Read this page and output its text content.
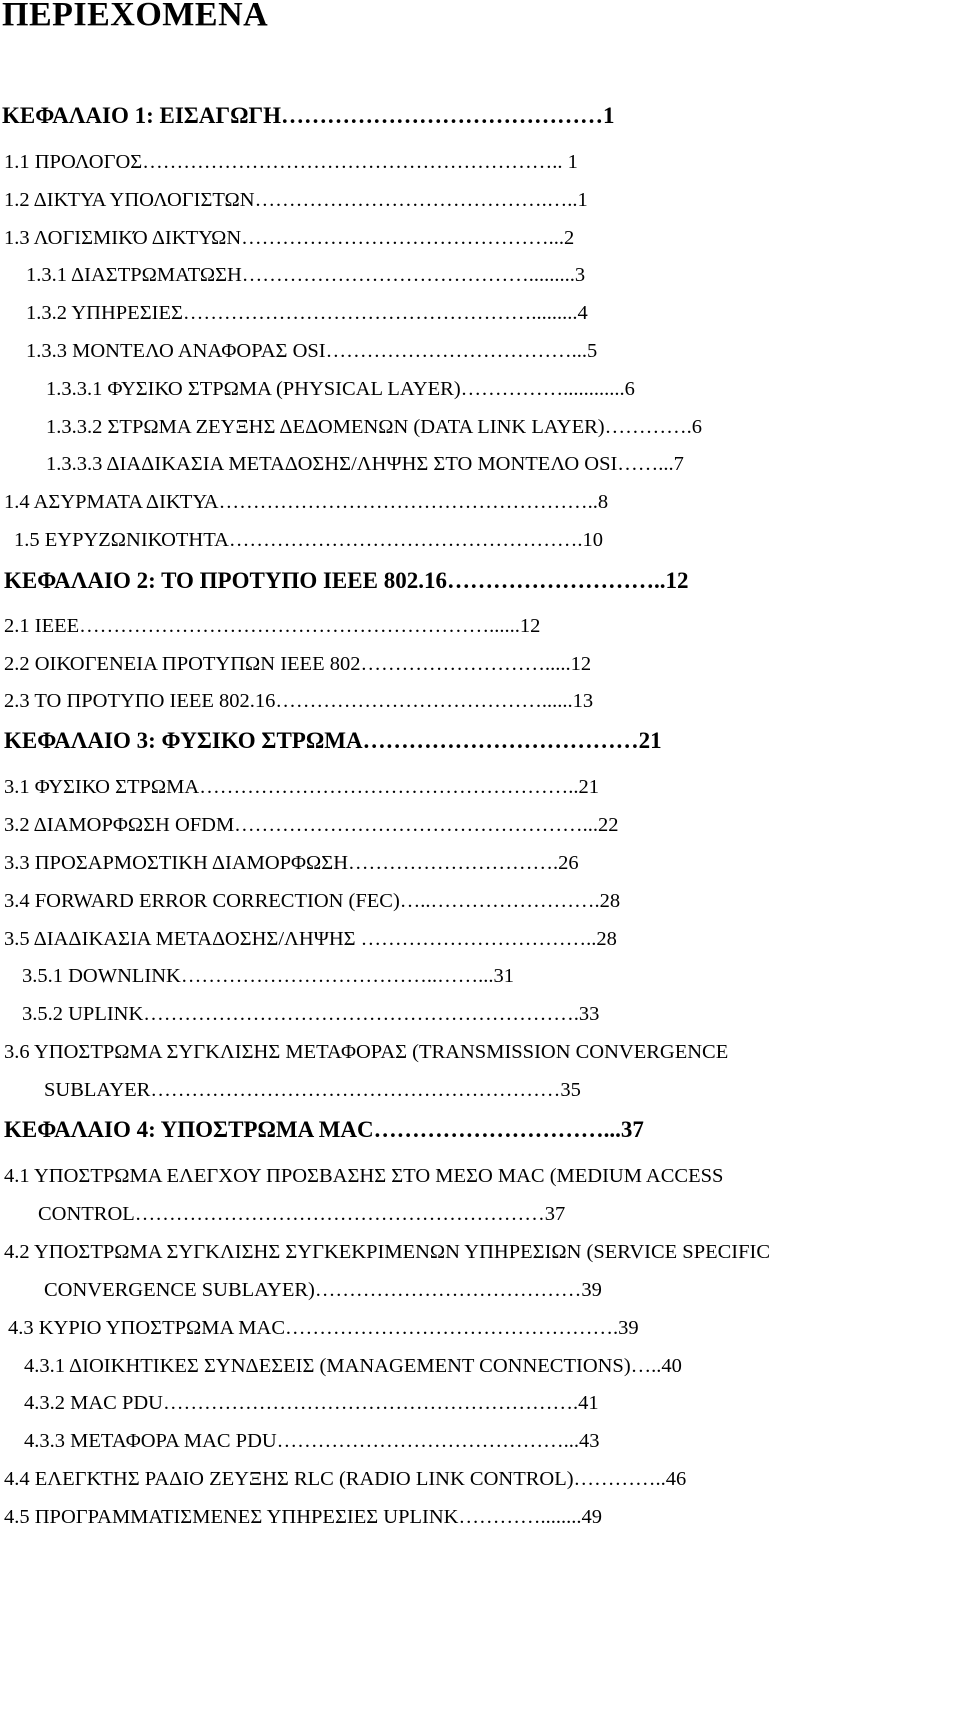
ΠΕΡΙΕΧΟΜΕΝΑ
ΚΕΦΑΛΑΙΟ 1: ΕΙΣΑΓΩΓΗ……………………………………1
1.1 ΠΡΟΛΟΓΟΣ…………………………………………………….. 1
1.2 ΔΙΚΤΥΑ ΥΠΟΛΟΓΙΣΤΩΝ…………………………………….…..1
1.3 ΛΟΓΙΣΜΙΚΌ ΔΙΚΤΥΩΝ………………………………………...2
1.3.1 ΔΙΑΣΤΡΩΜΑΤΩΣΗ…………………………………….........3
1.3.2 ΥΠΗΡΕΣΙΕΣ…………………………………………….........4
1.3.3 ΜΟΝΤΕΛΟ ΑΝΑΦΟΡΑΣ OSI………………………………...5
1.3.3.1 ΦΥΣΙΚΟ ΣΤΡΩΜΑ (PHYSICAL LAYER)……………............6
1.3.3.2 ΣΤΡΩΜΑ ΖΕΥΞΗΣ ΔΕΔΟΜΕΝΩΝ (DATA LINK LAYER)………….6
1.3.3.3 ΔΙΑΔΙΚΑΣΙΑ ΜΕΤΑΔΟΣΗΣ/ΛΗΨΗΣ ΣΤΟ ΜΟΝΤΕΛΟ OSI……...7
1.4 ΑΣΥΡΜΑΤΑ ΔΙΚΤΥΑ………………………………………………..8
1.5 ΕΥΡΥΖΩΝΙΚΟΤΗΤΑ…………………………………………….10
ΚΕΦΑΛΑΙΟ 2: ΤΟ ΠΡΟΤΥΠΟ IEEE 802.16………………………..12
2.1 IEEE……………………………………………………......12
2.2 ΟΙΚΟΓΕΝΕΙΑ ΠΡΟΤΥΠΩΝ IEEE 802……………………….....12
2.3 ΤΟ ΠΡΟΤΥΠΟ IEEE 802.16…………………………………......13
ΚΕΦΑΛΑΙΟ 3: ΦΥΣΙΚΟ ΣΤΡΩΜΑ………………………………21
3.1 ΦΥΣΙΚΟ ΣΤΡΩΜΑ………………………………………………..21
3.2 ΔΙΑΜΟΡΦΩΣΗ OFDM……………………………………………...22
3.3 ΠΡΟΣΑΡΜΟΣΤΙΚΗ ΔΙΑΜΟΡΦΩΣΗ………………………….26
3.4 FORWARD ERROR CORRECTION (FEC)…..…………………….28
3.5 ΔΙΑΔΙΚΑΣΙΑ ΜΕΤΑΔΟΣΗΣ/ΛΗΨΗΣ ……………………………..28
3.5.1 DOWNLINK………………………………..……...31
3.5.2 UPLINK……………………………………………………….33
3.6 ΥΠΟΣΤΡΩΜΑ ΣΥΓΚΛΙΣΗΣ ΜΕΤΑΦΟΡΑΣ (TRANSMISSION CONVERGENCE
SUBLAYER……………………………………………………35
ΚΕΦΑΛΑΙΟ 4: ΥΠΟΣΤΡΩΜΑ MAC…………………………...37
4.1 ΥΠΟΣΤΡΩΜΑ ΕΛΕΓΧΟΥ ΠΡΟΣΒΑΣΗΣ ΣΤΟ ΜΕΣΟ MAC (MEDIUM ACCESS
CONTROL……………………………………………………37
4.2 ΥΠΟΣΤΡΩΜΑ ΣΥΓΚΛΙΣΗΣ ΣΥΓΚΕΚΡΙΜΕΝΩΝ ΥΠΗΡΕΣΙΩΝ (SERVICE SPECIFIC
CONVERGENCE SUBLAYER)…………………………………39
4.3 ΚΥΡΙΟ ΥΠΟΣΤΡΩΜΑ MAC………………………………………….39
4.3.1 ΔΙΟΙΚΗΤΙΚΕΣ ΣΥΝΔΕΣΕΙΣ (MANAGEMENT CONNECTIONS)…..40
4.3.2 MAC PDU…………………………………………………….41
4.3.3 ΜΕΤΑΦΟΡΑ MAC PDU……………………………………...43
4.4 ΕΛΕΓΚΤΗΣ ΡΑΔΙΟ ΖΕΥΞΗΣ RLC (RADIO LINK CONTROL)…………..46
4.5 ΠΡΟΓΡΑΜΜΑΤΙΣΜΕΝΕΣ ΥΠΗΡΕΣΙΕΣ UPLINK…………........49
